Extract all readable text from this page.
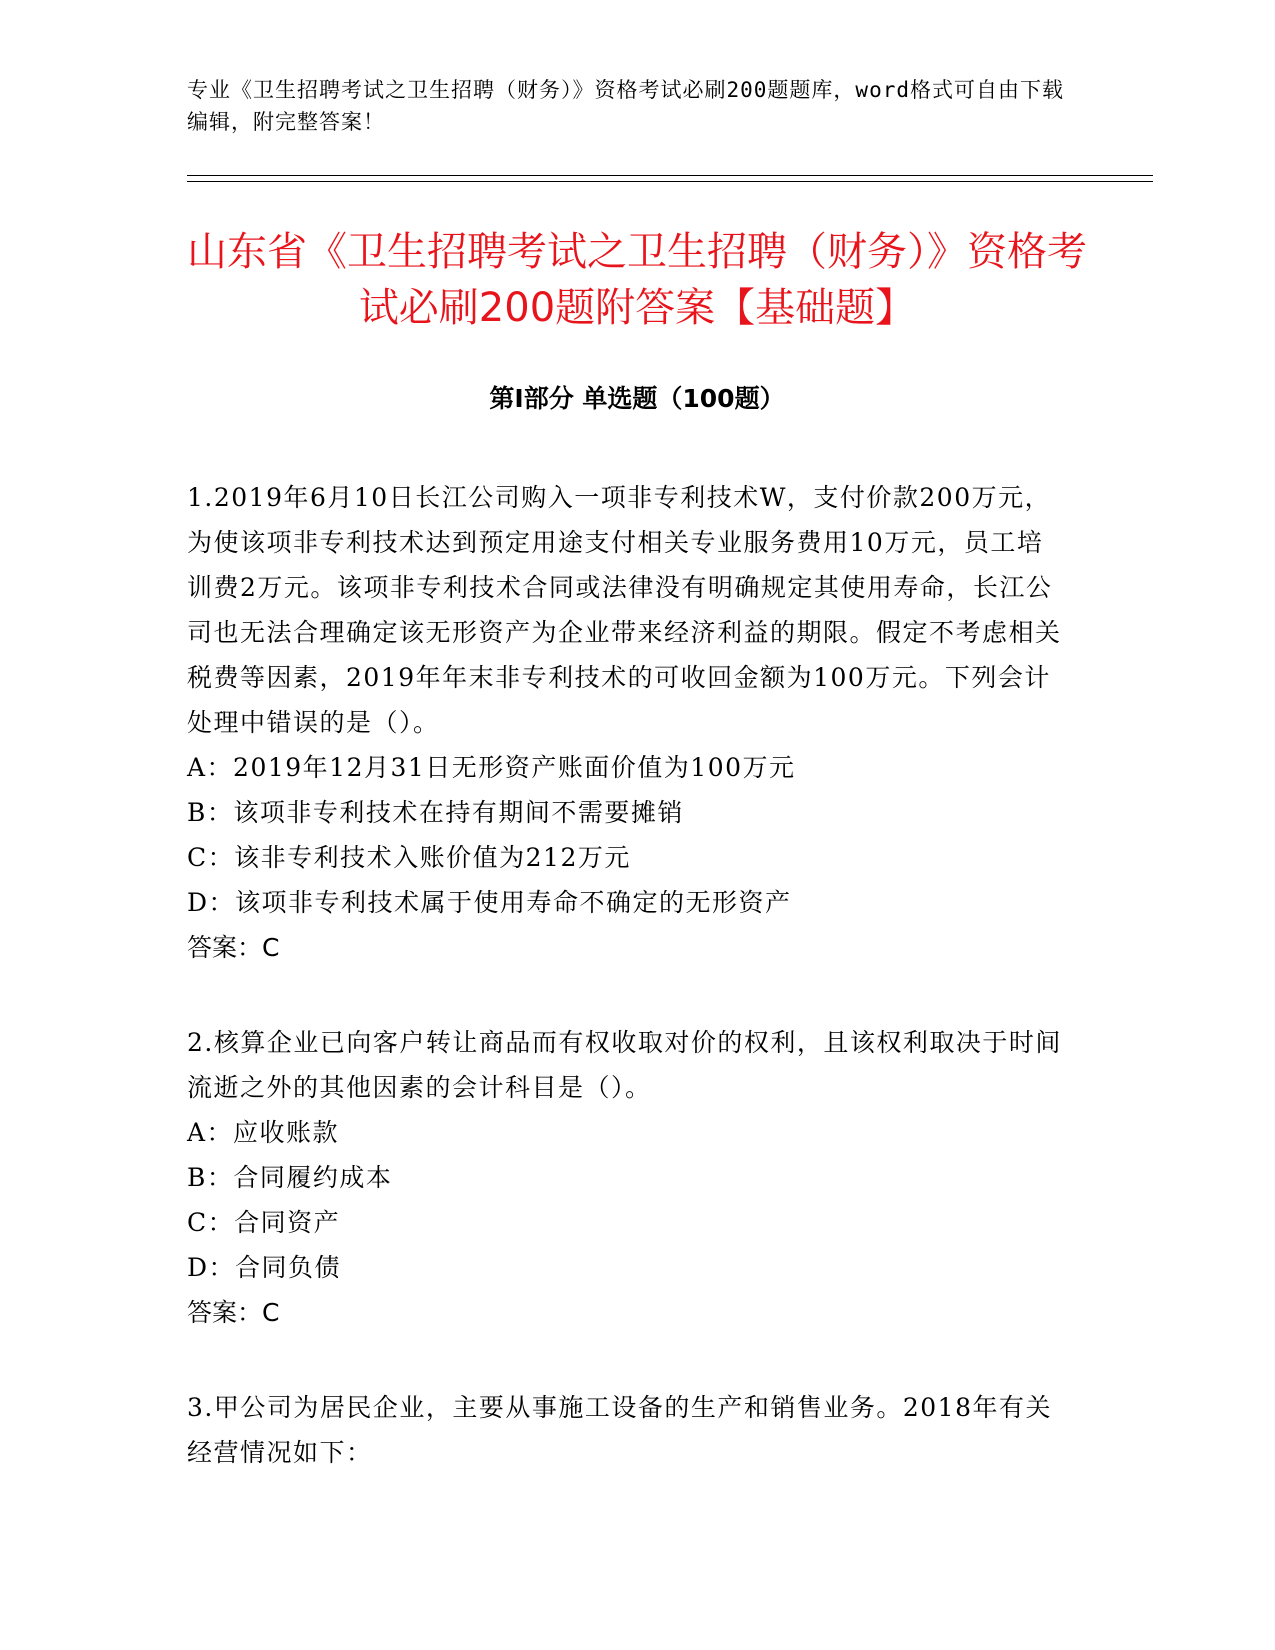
专业《卫生招聘考试之卫生招聘（财务）》资格考试必刷200题题库，word格式可自由下载编辑，附完整答案！
山东省《卫生招聘考试之卫生招聘（财务）》资格考试必刷200题附答案【基础题】
第I部分 单选题（100题）
1.2019年6月10日长江公司购入一项非专利技术W，支付价款200万元，为使该项非专利技术达到预定用途支付相关专业服务费用10万元，员工培训费2万元。该项非专利技术合同或法律没有明确规定其使用寿命，长江公司也无法合理确定该无形资产为企业带来经济利益的期限。假定不考虑相关税费等因素，2019年年末非专利技术的可收回金额为100万元。下列会计处理中错误的是（）。
A：2019年12月31日无形资产账面价值为100万元
B：该项非专利技术在持有期间不需要摊销
C：该非专利技术入账价值为212万元
D：该项非专利技术属于使用寿命不确定的无形资产
答案：C
2.核算企业已向客户转让商品而有权收取对价的权利，且该权利取决于时间流逝之外的其他因素的会计科目是（）。
A：应收账款
B：合同履约成本
C：合同资产
D：合同负债
答案：C
3.甲公司为居民企业，主要从事施工设备的生产和销售业务。2018年有关经营情况如下：
